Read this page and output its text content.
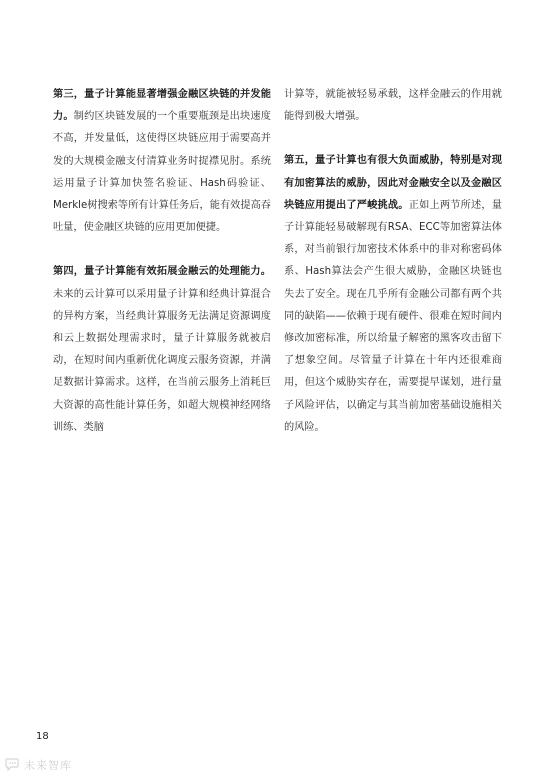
第三，量子计算能显著增强金融区块链的并发能力。制约区块链发展的一个重要瓶颈是出块速度不高，并发量低，这使得区块链应用于需要高并发的大规模金融支付清算业务时捉襟见肘。系统运用量子计算加快签名验证、Hash码验证、Merkle树搜索等所有计算任务后，能有效提高吞吐量，使金融区块链的应用更加便捷。

第四，量子计算能有效拓展金融云的处理能力。未来的云计算可以采用量子计算和经典计算混合的异构方案，当经典计算服务无法满足资源调度和云上数据处理需求时，量子计算服务就被启动，在短时间内重新优化调度云服务资源，并满足数据计算需求。这样，在当前云服务上消耗巨大资源的高性能计算任务，如超大规模神经网络训练、类脑

计算等，就能被轻易承载，这样金融云的作用就能得到极大增强。

第五，量子计算也有很大负面威胁，特别是对现有加密算法的威胁，因此对金融安全以及金融区块链应用提出了严峻挑战。正如上两节所述，量子计算能轻易破解现有RSA、ECC等加密算法体系，对当前银行加密技术体系中的非对称密码体系、Hash算法会产生很大威胁，金融区块链也失去了安全。现在几乎所有金融公司都有两个共同的缺陷——依赖于现有硬件、很难在短时间内修改加密标准，所以给量子解密的黑客攻击留下了想象空间。尽管量子计算在十年内还很难商用，但这个威胁实存在，需要提早谋划，进行量子风险评估，以确定与其当前加密基础设施相关的风险。

18
未来智库
